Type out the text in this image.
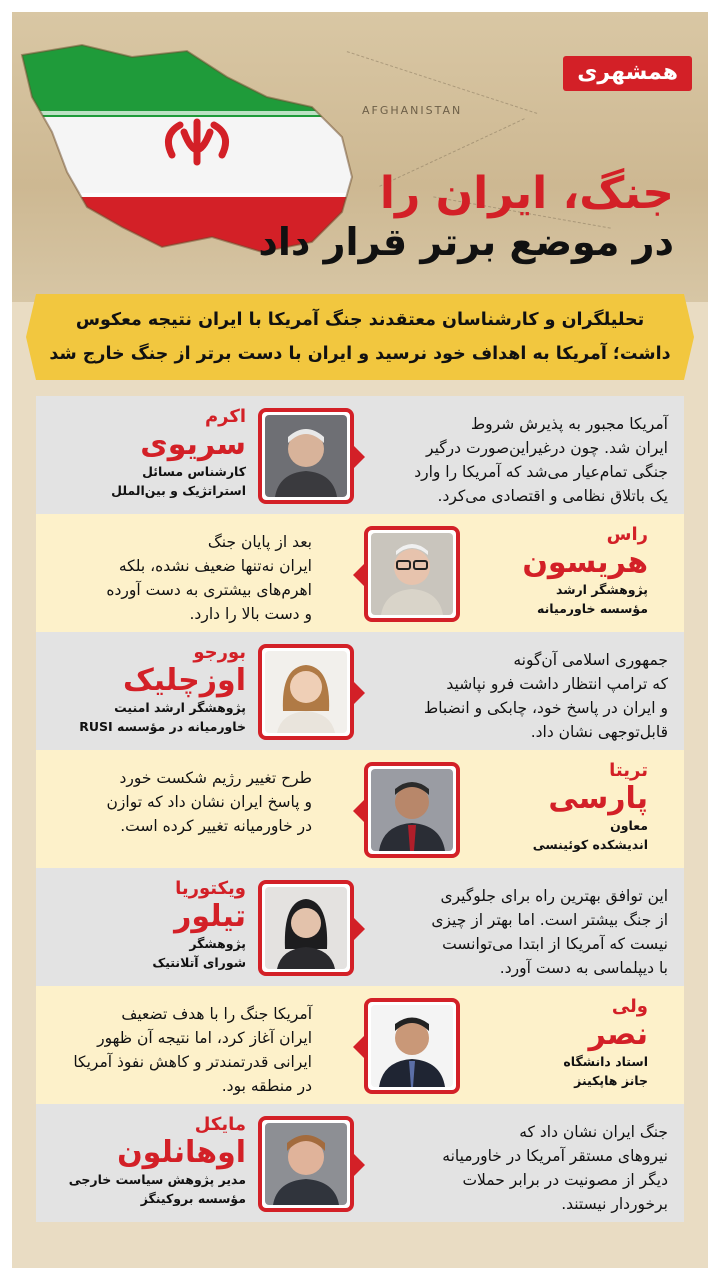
AFGHANISTAN
همشهری
جنگ، ایران را
در موضع برتر قرار داد
تحلیلگران و کارشناسان معتقدند جنگ آمریکا با ایران نتیجه معکوس
داشت؛ آمریکا به اهداف خود نرسید و ایران با دست برتر از جنگ خارج شد
اکرم
سریوی
کارشناس مسائل
استراتژیک و بین‌الملل
آمریکا مجبور به پذیرش شروط
ایران شد. چون درغیراین‌صورت درگیر
جنگی تمام‌عیار می‌شد که آمریکا را وارد
یک باتلاق نظامی و اقتصادی می‌کرد.
راس
هریسون
پژوهشگر ارشد
مؤسسه خاورمیانه
بعد از پایان جنگ
ایران نه‌تنها ضعیف نشده، بلکه
اهرم‌های بیشتری به دست آورده
و دست بالا را دارد.
بورجو
اوزچلیک
پژوهشگر ارشد امنیت
خاورمیانه در مؤسسه RUSI
جمهوری اسلامی آن‌گونه
که ترامپ انتظار داشت فرو نپاشید
و ایران در پاسخ خود، چابکی و انضباط
قابل‌توجهی نشان داد.
تریتا
پارسی
معاون
اندیشکده کوئینسی
طرح تغییر رژیم شکست خورد
و پاسخ ایران نشان داد که توازن
در خاورمیانه تغییر کرده است.
ویکتوریا
تیلور
پژوهشگر
شورای آتلانتیک
این توافق بهترین راه برای جلوگیری
از جنگ بیشتر است. اما بهتر از چیزی
نیست که آمریکا از ابتدا می‌توانست
با دیپلماسی به دست آورد.
ولی
نصر
استاد دانشگاه
جانز هاپکینز
آمریکا جنگ را با هدف تضعیف
ایران آغاز کرد، اما نتیجه آن ظهور
ایرانی قدرتمندتر و کاهش نفوذ آمریکا
در منطقه بود.
مایکل
اوهانلون
مدیر پژوهش سیاست خارجی
مؤسسه بروکینگز
جنگ ایران نشان داد که
نیروهای مستقر آمریکا در خاورمیانه
دیگر از مصونیت در برابر حملات
برخوردار نیستند.
